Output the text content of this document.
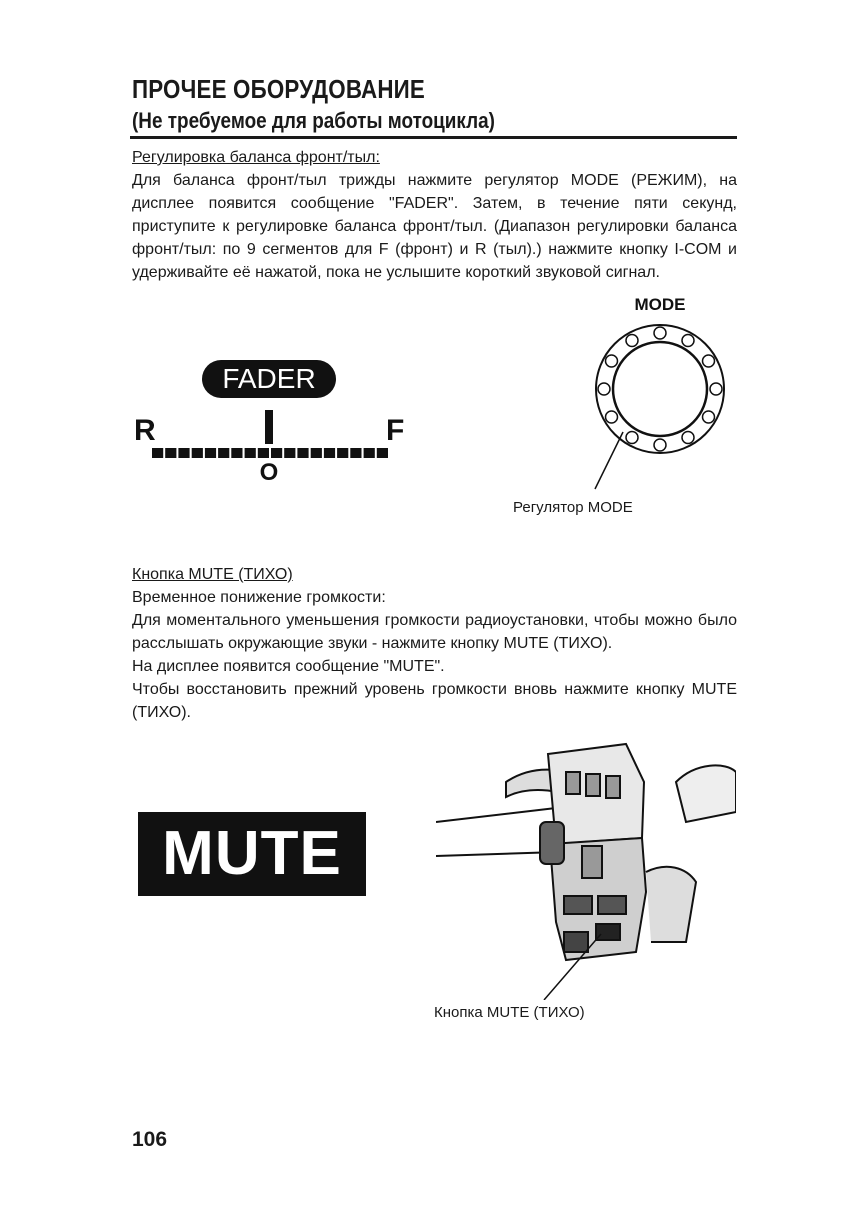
ПРОЧЕЕ ОБОРУДОВАНИЕ
(Не требуемое для работы мотоцикла)
Регулировка баланса фронт/тыл:
Для баланса фронт/тыл трижды нажмите регулятор MODE (РЕЖИМ), на дисплее появится сообщение "FADER". Затем, в течение пяти секунд, приступите к регулировке баланса фронт/тыл. (Диапазон регулировки баланса фронт/тыл: по 9 сегментов для F (фронт) и R (тыл).) нажмите кнопку I-COM и удерживайте её нажатой, пока не услышите короткий звуковой сигнал.
FADER
R	F
O
MODE
Регулятор MODE
Кнопка MUTE (ТИХО)
Временное понижение громкости:
Для моментального уменьшения громкости радиоустановки, чтобы можно было расслышать окружающие звуки - нажмите кнопку MUTE (ТИХО).
На дисплее появится сообщение "MUTE".
Чтобы восстановить прежний уровень громкости вновь нажмите кнопку MUTE (ТИХО).
MUTE
Кнопка MUTE (ТИХО)
106
